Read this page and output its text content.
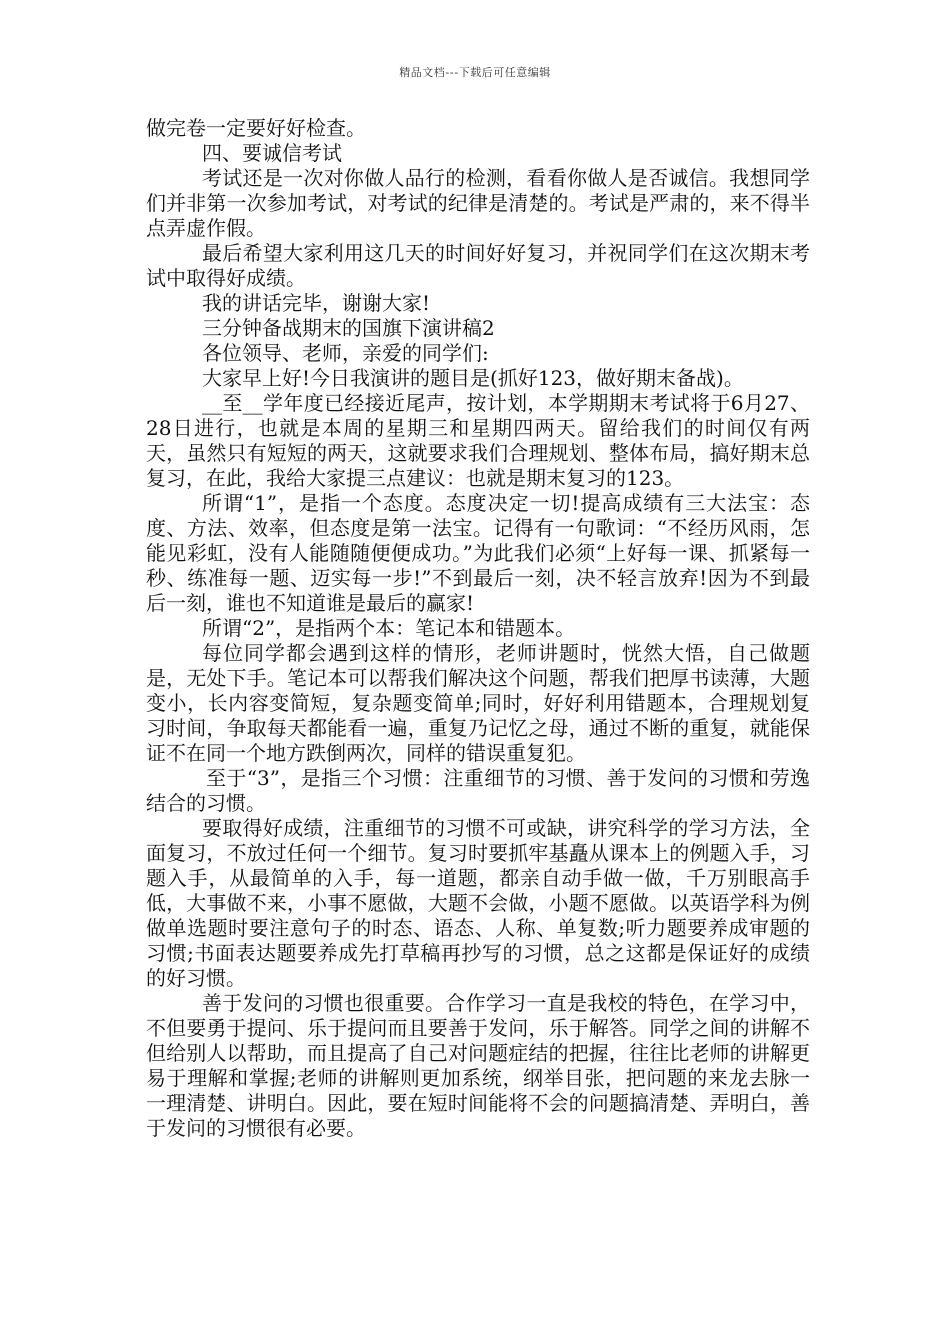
精品文档---下载后可任意编辑

做完卷一定要好好检查。

四、要诚信考试

考试还是一次对你做人品行的检测，看看你做人是否诚信。我想同学们并非第一次参加考试，对考试的纪律是清楚的。考试是严肃的，来不得半点弄虚作假。

最后希望大家利用这几天的时间好好复习，并祝同学们在这次期末考试中取得好成绩。

我的讲话完毕，谢谢大家!

三分钟备战期末的国旗下演讲稿2

各位领导、老师，亲爱的同学们:

大家早上好!今日我演讲的题目是(抓好123，做好期末备战)。

__至__学年度已经接近尾声，按计划，本学期期末考试将于6月27、28日进行，也就是本周的星期三和星期四两天。留给我们的时间仅有两天，虽然只有短短的两天，这就要求我们合理规划、整体布局，搞好期末总复习，在此，我给大家提三点建议：也就是期末复习的123。

所谓“1”，是指一个态度。态度决定一切!提高成绩有三大法宝：态度、方法、效率，但态度是第一法宝。记得有一句歌词：“不经历风雨，怎能见彩虹，没有人能随随便便成功。”为此我们必须“上好每一课、抓紧每一秒、练准每一题、迈实每一步!”不到最后一刻，决不轻言放弃!因为不到最后一刻，谁也不知道谁是最后的赢家!

所谓“2”，是指两个本：笔记本和错题本。

每位同学都会遇到这样的情形，老师讲题时，恍然大悟，自己做题是，无处下手。笔记本可以帮我们解决这个问题，帮我们把厚书读薄，大题变小，长内容变简短，复杂题变简单;同时，好好利用错题本，合理规划复习时间，争取每天都能看一遍，重复乃记忆之母，通过不断的重复，就能保证不在同一个地方跌倒两次，同样的错误重复犯。

至于“3”，是指三个习惯：注重细节的习惯、善于发问的习惯和劳逸结合的习惯。

要取得好成绩，注重细节的习惯不可或缺，讲究科学的学习方法，全面复习，不放过任何一个细节。复习时要抓牢基矗从课本上的例题入手，习题入手，从最简单的入手，每一道题，都亲自动手做一做，千万别眼高手低，大事做不来，小事不愿做，大题不会做，小题不愿做。以英语学科为例做单选题时要注意句子的时态、语态、人称、单复数;听力题要养成审题的习惯;书面表达题要养成先打草稿再抄写的习惯，总之这都是保证好的成绩的好习惯。

善于发问的习惯也很重要。合作学习一直是我校的特色，在学习中，不但要勇于提问、乐于提问而且要善于发问，乐于解答。同学之间的讲解不但给别人以帮助，而且提高了自己对问题症结的把握，往往比老师的讲解更易于理解和掌握;老师的讲解则更加系统，纲举目张，把问题的来龙去脉一一理清楚、讲明白。因此，要在短时间能将不会的问题搞清楚、弄明白，善于发问的习惯很有必要。
